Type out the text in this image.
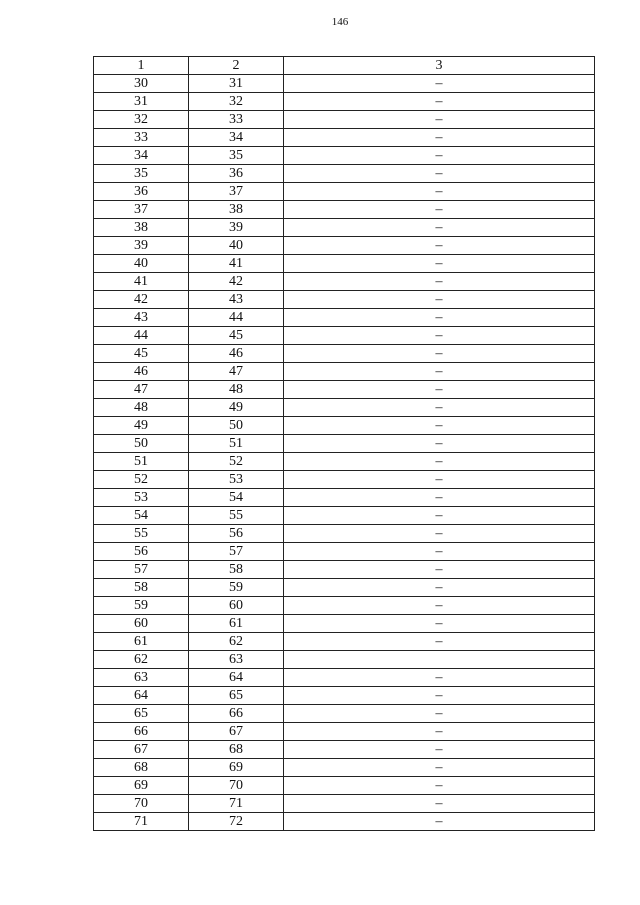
146
1	2	3
30	31	–
31	32	–
32	33	–
33	34	–
34	35	–
35	36	–
36	37	–
37	38	–
38	39	–
39	40	–
40	41	–
41	42	–
42	43	–
43	44	–
44	45	–
45	46	–
46	47	–
47	48	–
48	49	–
49	50	–
50	51	–
51	52	–
52	53	–
53	54	–
54	55	–
55	56	–
56	57	–
57	58	–
58	59	–
59	60	–
60	61	–
61	62	–
62	63	
63	64	–
64	65	–
65	66	–
66	67	–
67	68	–
68	69	–
69	70	–
70	71	–
71	72	–
